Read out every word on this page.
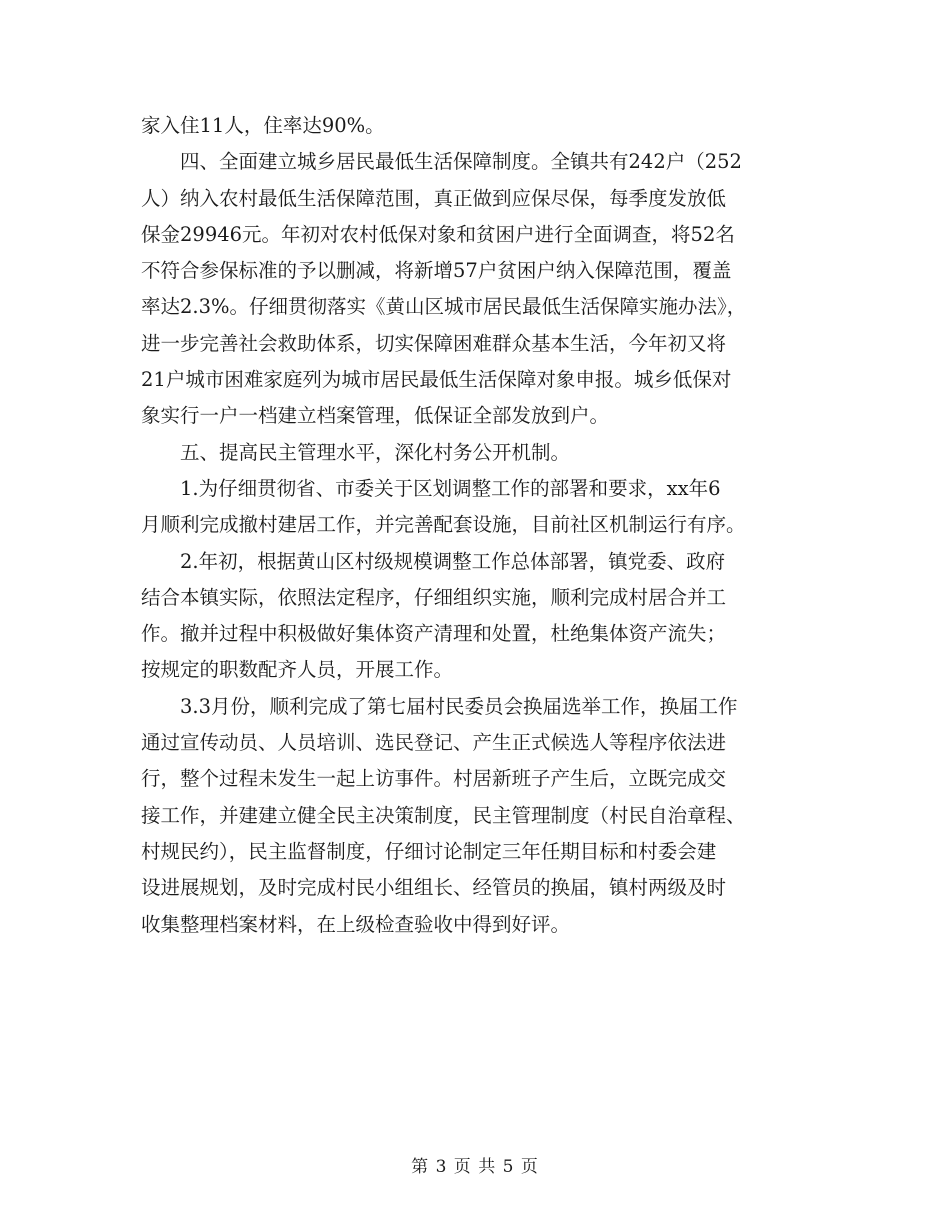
家入住11人，住率达90%。
四、全面建立城乡居民最低生活保障制度。全镇共有242户（252
人）纳入农村最低生活保障范围，真正做到应保尽保，每季度发放低
保金29946元。年初对农村低保对象和贫困户进行全面调查，将52名
不符合参保标准的予以删减，将新增57户贫困户纳入保障范围，覆盖
率达2.3%。仔细贯彻落实《黄山区城市居民最低生活保障实施办法》，
进一步完善社会救助体系，切实保障困难群众基本生活，今年初又将
21户城市困难家庭列为城市居民最低生活保障对象申报。城乡低保对
象实行一户一档建立档案管理，低保证全部发放到户。
五、提高民主管理水平，深化村务公开机制。
1.为仔细贯彻省、市委关于区划调整工作的部署和要求，xx年6
月顺利完成撤村建居工作，并完善配套设施，目前社区机制运行有序。
2.年初，根据黄山区村级规模调整工作总体部署，镇党委、政府
结合本镇实际，依照法定程序，仔细组织实施，顺利完成村居合并工
作。撤并过程中积极做好集体资产清理和处置，杜绝集体资产流失；
按规定的职数配齐人员，开展工作。
3.3月份，顺利完成了第七届村民委员会换届选举工作，换届工作
通过宣传动员、人员培训、选民登记、产生正式候选人等程序依法进
行，整个过程未发生一起上访事件。村居新班子产生后，立既完成交
接工作，并建建立健全民主决策制度，民主管理制度（村民自治章程、
村规民约），民主监督制度，仔细讨论制定三年任期目标和村委会建
设进展规划，及时完成村民小组组长、经管员的换届，镇村两级及时
收集整理档案材料，在上级检查验收中得到好评。
第 3 页 共 5 页
